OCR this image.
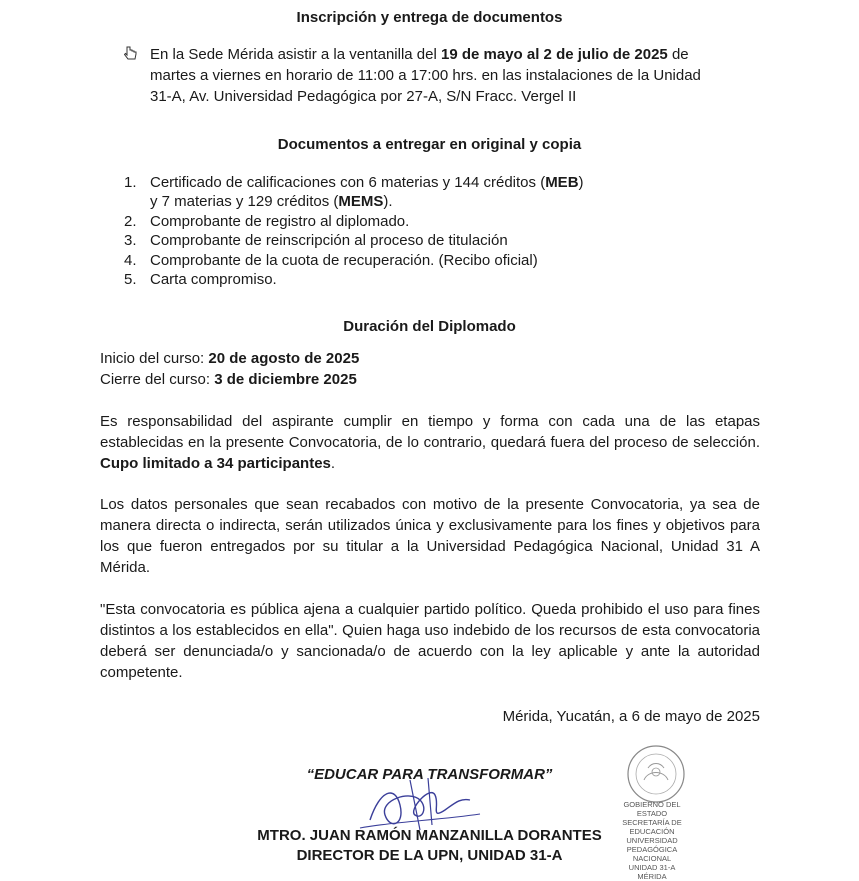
Inscripción y entrega de documentos
En la Sede Mérida asistir a la ventanilla del 19 de mayo al 2 de julio de 2025 de
martes a viernes en horario de 11:00 a 17:00 hrs. en las instalaciones de la Unidad
31-A, Av. Universidad Pedagógica por 27-A, S/N Fracc. Vergel II
Documentos a entregar en original y copia
1. Certificado de calificaciones con 6 materias y 144 créditos (MEB)
y 7 materias y 129 créditos (MEMS).
2. Comprobante de registro al diplomado.
3. Comprobante de reinscripción al proceso de titulación
4. Comprobante de la cuota de recuperación. (Recibo oficial)
5. Carta compromiso.
Duración del Diplomado
Inicio del curso: 20 de agosto de 2025
Cierre del curso: 3 de diciembre 2025
Es responsabilidad del aspirante cumplir en tiempo y forma con cada una de las etapas establecidas en la presente Convocatoria, de lo contrario, quedará fuera del proceso de selección. Cupo limitado a 34 participantes.
Los datos personales que sean recabados con motivo de la presente Convocatoria, ya sea de manera directa o indirecta, serán utilizados única y exclusivamente para los fines y objetivos para los que fueron entregados por su titular a la Universidad Pedagógica Nacional, Unidad 31 A Mérida.
"Esta convocatoria es pública ajena a cualquier partido político. Queda prohibido el uso para fines distintos a los establecidos en ella". Quien haga uso indebido de los recursos de esta convocatoria deberá ser denunciada/o y sancionada/o de acuerdo con la ley aplicable y ante la autoridad competente.
Mérida, Yucatán, a 6 de mayo de 2025
“EDUCAR PARA TRANSFORMAR”
GOBIERNO DEL ESTADO
SECRETARÍA DE EDUCACIÓN
UNIVERSIDAD PEDAGÓGICA
NACIONAL
UNIDAD 31-A
MÉRIDA
MTRO. JUAN RAMÓN MANZANILLA DORANTES
DIRECTOR DE LA UPN, UNIDAD 31-A
